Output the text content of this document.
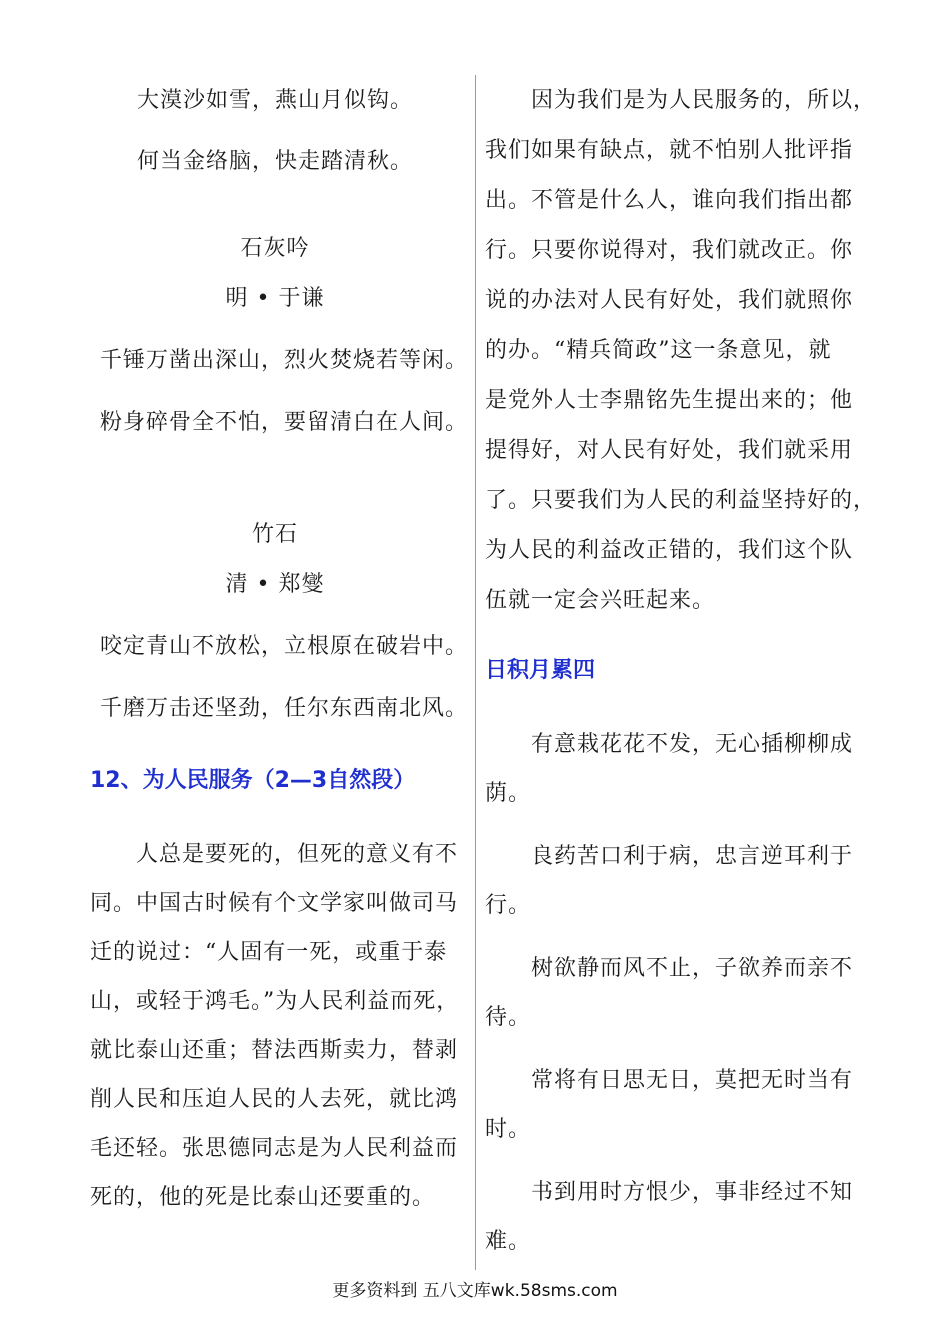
大漠沙如雪，燕山月似钩。
何当金络脑，快走踏清秋。
石灰吟
明 • 于谦
千锤万凿出深山，烈火焚烧若等闲。
粉身碎骨全不怕，要留清白在人间。
竹石
清 • 郑燮
咬定青山不放松，立根原在破岩中。
千磨万击还坚劲，任尔东西南北风。
12、为人民服务（2—3自然段）
　　人总是要死的，但死的意义有不
同。中国古时候有个文学家叫做司马
迁的说过：“人固有一死，或重于泰
山，或轻于鸿毛。”为人民利益而死，
就比泰山还重；替法西斯卖力，替剥
削人民和压迫人民的人去死，就比鸿
毛还轻。张思德同志是为人民利益而
死的，他的死是比泰山还要重的。
　　因为我们是为人民服务的，所以，
我们如果有缺点，就不怕别人批评指
出。不管是什么人，谁向我们指出都
行。只要你说得对，我们就改正。你
说的办法对人民有好处，我们就照你
的办。“精兵简政”这一条意见，就
是党外人士李鼎铭先生提出来的；他
提得好，对人民有好处，我们就采用
了。只要我们为人民的利益坚持好的，
为人民的利益改正错的，我们这个队
伍就一定会兴旺起来。
日积月累四
　　有意栽花花不发，无心插柳柳成
荫。
　　良药苦口利于病，忠言逆耳利于
行。
　　树欲静而风不止，子欲养而亲不
待。
　　常将有日思无日，莫把无时当有
时。
　　书到用时方恨少，事非经过不知
难。
更多资料到 五八文库wk.58sms.com
